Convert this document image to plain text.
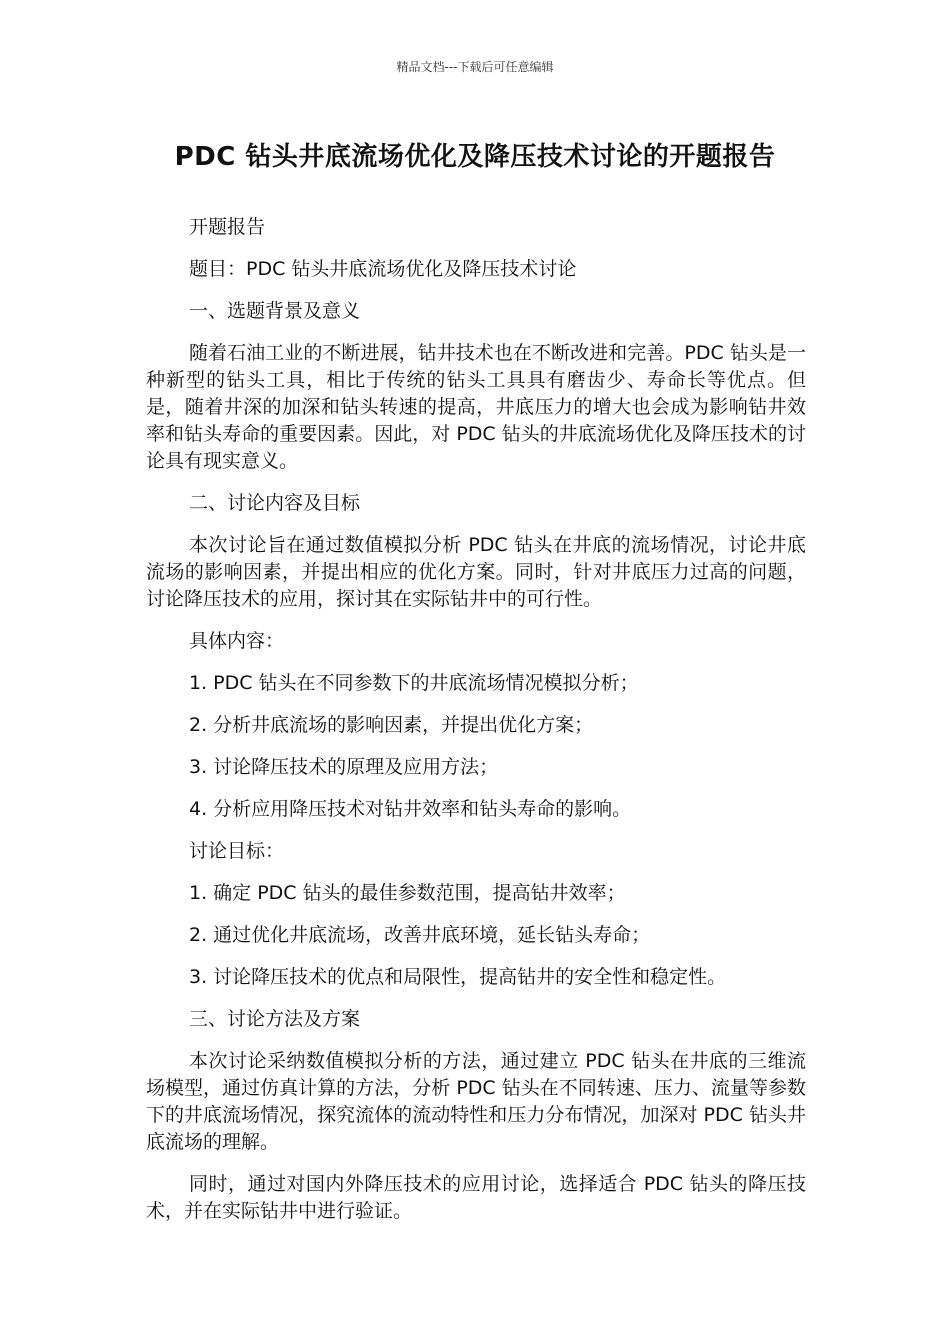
精品文档---下载后可任意编辑
PDC 钻头井底流场优化及降压技术讨论的开题报告

开题报告

题目：PDC 钻头井底流场优化及降压技术讨论

一、选题背景及意义

随着石油工业的不断进展，钻井技术也在不断改进和完善。PDC 钻头是一种新型的钻头工具，相比于传统的钻头工具具有磨齿少、寿命长等优点。但是，随着井深的加深和钻头转速的提高，井底压力的增大也会成为影响钻井效率和钻头寿命的重要因素。因此，对 PDC 钻头的井底流场优化及降压技术的讨论具有现实意义。

二、讨论内容及目标

本次讨论旨在通过数值模拟分析 PDC 钻头在井底的流场情况，讨论井底流场的影响因素，并提出相应的优化方案。同时，针对井底压力过高的问题，讨论降压技术的应用，探讨其在实际钻井中的可行性。

具体内容：

1. PDC 钻头在不同参数下的井底流场情况模拟分析；

2. 分析井底流场的影响因素，并提出优化方案；

3. 讨论降压技术的原理及应用方法；

4. 分析应用降压技术对钻井效率和钻头寿命的影响。

讨论目标：

1. 确定 PDC 钻头的最佳参数范围，提高钻井效率；

2. 通过优化井底流场，改善井底环境，延长钻头寿命；

3. 讨论降压技术的优点和局限性，提高钻井的安全性和稳定性。

三、讨论方法及方案

本次讨论采纳数值模拟分析的方法，通过建立 PDC 钻头在井底的三维流场模型，通过仿真计算的方法，分析 PDC 钻头在不同转速、压力、流量等参数下的井底流场情况，探究流体的流动特性和压力分布情况，加深对 PDC 钻头井底流场的理解。

同时，通过对国内外降压技术的应用讨论，选择适合 PDC 钻头的降压技术，并在实际钻井中进行验证。
